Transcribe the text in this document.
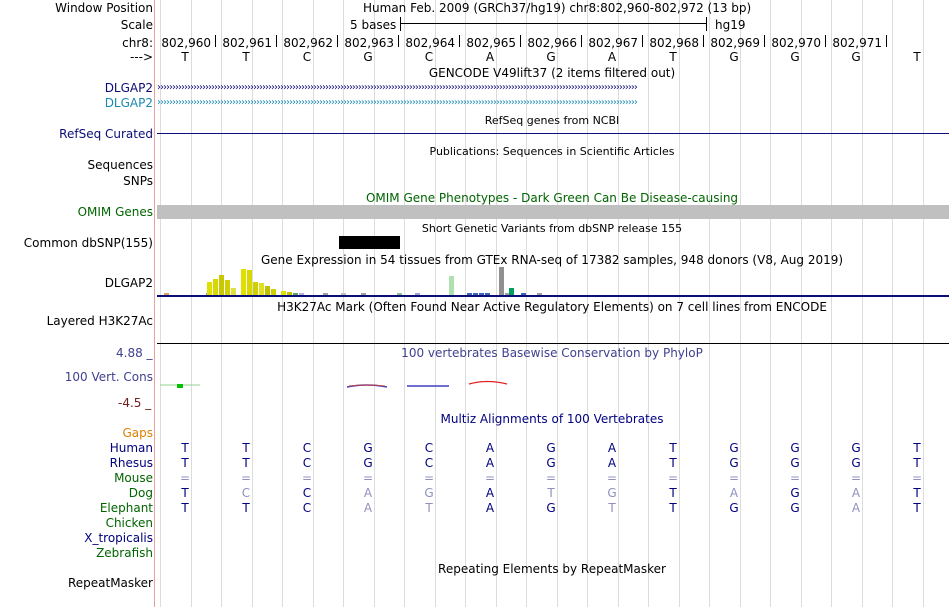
Window Position	Human Feb. 2009 (GRCh37/hg19) chr8:802,960-802,972 (13 bp)
Scale	5 bases	hg19
chr8: 802,960 802,961 802,962 802,963 802,964 802,965 802,966 802,967 802,968 802,969 802,970 802,971
---> T	T	C	G	C	A	G	A	T	G	G	G	T
GENCODE V49lift37 (2 items filtered out)
DLGAP2 ››››››››››››››››››››››››››››››››››››››››››››››››››››››››››››››››››››››››››››››››››››››››››››››››››››››››››››››››››››››››››››››››››››››››››››››››››››››››››››››››
DLGAP2 ››››››››››››››››››››››››››››››››››››››››››››››››››››››››››››››››››››››››››››››››››››››››››››››››››››››››››››››››››››››››››››››››››››››››››››››››››››››››››››››››
RefSeq genes from NCBI
RefSeq Curated
Publications: Sequences in Scientific Articles
Sequences
SNPs
OMIM Gene Phenotypes - Dark Green Can Be Disease-causing
OMIM Genes
Short Genetic Variants from dbSNP release 155
Common dbSNP(155)
Gene Expression in 54 tissues from GTEx RNA-seq of 17382 samples, 948 donors (V8, Aug 2019)
DLGAP2
H3K27Ac Mark (Often Found Near Active Regulatory Elements) on 7 cell lines from ENCODE
Layered H3K27Ac
4.88 _	100 vertebrates Basewise Conservation by PhyloP
100 Vert. Cons
-4.5 _
Multiz Alignments of 100 Vertebrates
Gaps
Human T	T	C	G	C	A	G	A	T	G	G	G	T
Rhesus T	T	C	G	C	A	G	A	T	G	G	G	T
Mouse =	=	=	=	=	=	=	=	=	=	=	=	=
Dog T	C	C	A	G	A	T	G	T	A	G	A	T
Elephant T	T	C	A	T	A	G	T	T	G	G	A	T
Chicken
X_tropicalis
Zebrafish
Repeating Elements by RepeatMasker
RepeatMasker
